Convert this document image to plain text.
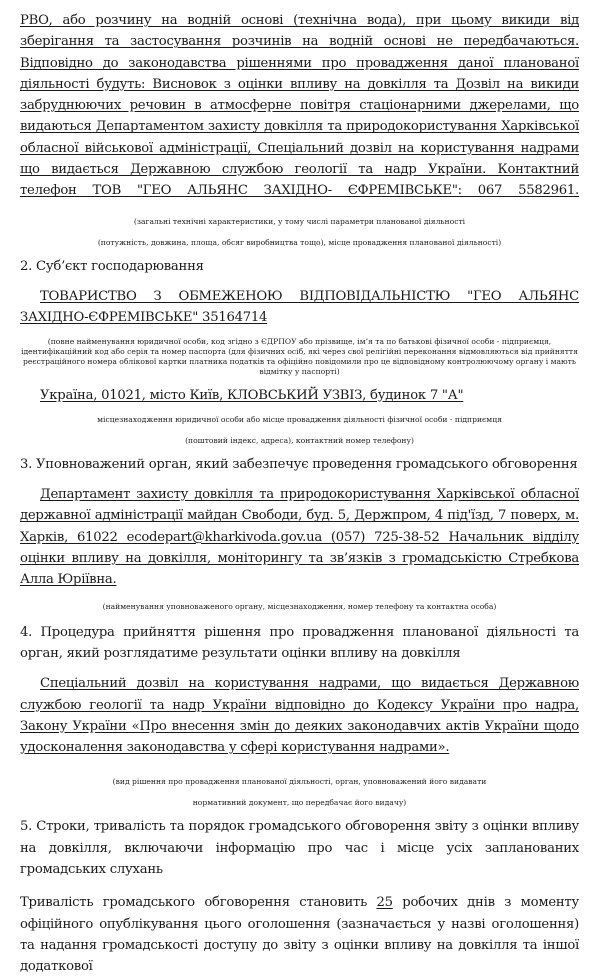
РВО, або розчину на водній основі (технічна вода), при цьому викиди від зберігання та застосування розчинів на водній основі не передбачаються. Відповідно до законодавства рішеннями про провадження даної планованої діяльності будуть: Висновок з оцінки впливу на довкілля та Дозвіл на викиди забруднюючих речовин в атмосферне повітря стаціонарними джерелами, що видаються Департаментом захисту довкілля та природокористування Харківської обласної військової адміністрації, Спеціальний дозвіл на користування надрами що видається Державною службою геології та надр України. Контактний телефон ТОВ "ГЕО АЛЬЯНС ЗАХІДНО- ЄФРЕМІВСЬКЕ": 067 5582961.

(загальні технічні характеристики, у тому числі параметри планованої діяльності

(потужність, довжина, площа, обсяг виробництва тощо), місце провадження планованої діяльності)

2. Суб’єкт господарювання

ТОВАРИСТВО З ОБМЕЖЕНОЮ ВІДПОВІДАЛЬНІСТЮ "ГЕО АЛЬЯНС ЗАХІДНО-ЄФРЕМІВСЬКЕ" 35164714

(повне найменування юридичної особи, код згідно з ЄДРПОУ або прізвище, ім’я та по батькові фізичної особи - підприємця, ідентифікаційний код або серія та номер паспорта (для фізичних осіб, які через свої релігійні переконання відмовляються від прийняття реєстраційного номера облікової картки платника податків та офіційно повідомили про це відповідному контролюючому органу і мають відмітку у паспорті)

Україна, 01021, місто Київ, КЛОВСЬКИЙ УЗВІЗ, будинок 7 "А"

місцезнаходження юридичної особи або місце провадження діяльності фізичної особи - підприємця

(поштовий індекс, адреса), контактний номер телефону)

3. Уповноважений орган, який забезпечує проведення громадського обговорення

Департамент захисту довкілля та природокористування Харківської обласної державної адміністрації майдан Свободи, буд. 5, Держпром, 4 під'їзд, 7 поверх, м. Харків, 61022 ecodepart@kharkivoda.gov.ua (057) 725-38-52 Начальник відділу оцінки впливу на довкілля, моніторингу та зв’язків з громадськістю Стребкова Алла Юріївна.

(найменування уповноваженого органу, місцезнаходження, номер телефону та контактна особа)

4. Процедура прийняття рішення про провадження планованої діяльності та орган, який розглядатиме результати оцінки впливу на довкілля

Спеціальний дозвіл на користування надрами, що видається Державною службою геології та надр України відповідно до Кодексу України про надра, Закону України «Про внесення змін до деяких законодавчих актів України щодо удосконалення законодавства у сфері користування надрами».

(вид рішення про провадження планованої діяльності, орган, уповноважений його видавати

нормативний документ, що передбачає його видачу)

5. Строки, тривалість та порядок громадського обговорення звіту з оцінки впливу на довкілля, включаючи інформацію про час і місце усіх запланованих громадських слухань

Тривалість громадського обговорення становить 25 робочих днів з моменту офіційного опублікування цього оголошення (зазначається у назві оголошення) та надання громадськості доступу до звіту з оцінки впливу на довкілля та іншої додаткової
